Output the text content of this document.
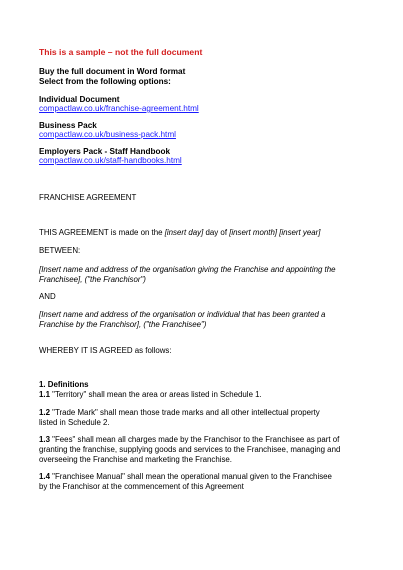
This is a sample – not the full document
Buy the full document in Word format
Select from the following options:
Individual Document
compactlaw.co.uk/franchise-agreement.html
Business Pack
compactlaw.co.uk/business-pack.html
Employers Pack - Staff Handbook
compactlaw.co.uk/staff-handbooks.html
FRANCHISE AGREEMENT
THIS AGREEMENT is made on the [insert day] day of [insert month] [insert year]
BETWEEN:
[Insert name and address of the organisation giving the Franchise and appointing the
Franchisee], ("the Franchisor")
AND
[Insert name and address of the organisation or individual that has been granted a
Franchise by the Franchisor], ("the Franchisee")
WHEREBY IT IS AGREED as follows:
1. Definitions
1.1 "Territory" shall mean the area or areas listed in Schedule 1.
1.2 "Trade Mark" shall mean those trade marks and all other intellectual property
listed in Schedule 2.
1.3 "Fees" shall mean all charges made by the Franchisor to the Franchisee as part of
granting the franchise, supplying goods and services to the Franchisee, managing and
overseeing the Franchise and marketing the Franchise.
1.4 "Franchisee Manual" shall mean the operational manual given to the Franchisee
by the Franchisor at the commencement of this Agreement
